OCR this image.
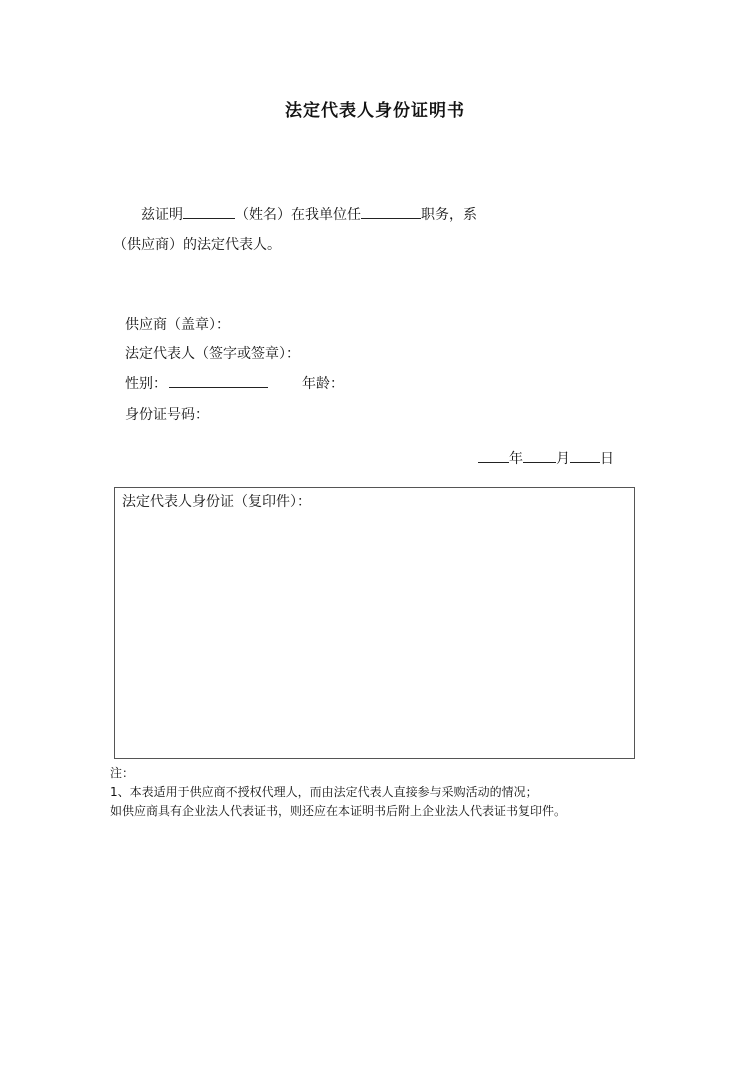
法定代表人身份证明书
兹证明	（姓名）在我单位任	职务，系
（供应商）的法定代表人。
供应商（盖章）：
法定代表人（签字或签章）：
性别：	年龄：
身份证号码：
年 月 日
法定代表人身份证（复印件）：
注：
1、本表适用于供应商不授权代理人，而由法定代表人直接参与采购活动的情况；
如供应商具有企业法人代表证书，则还应在本证明书后附上企业法人代表证书复印件。
